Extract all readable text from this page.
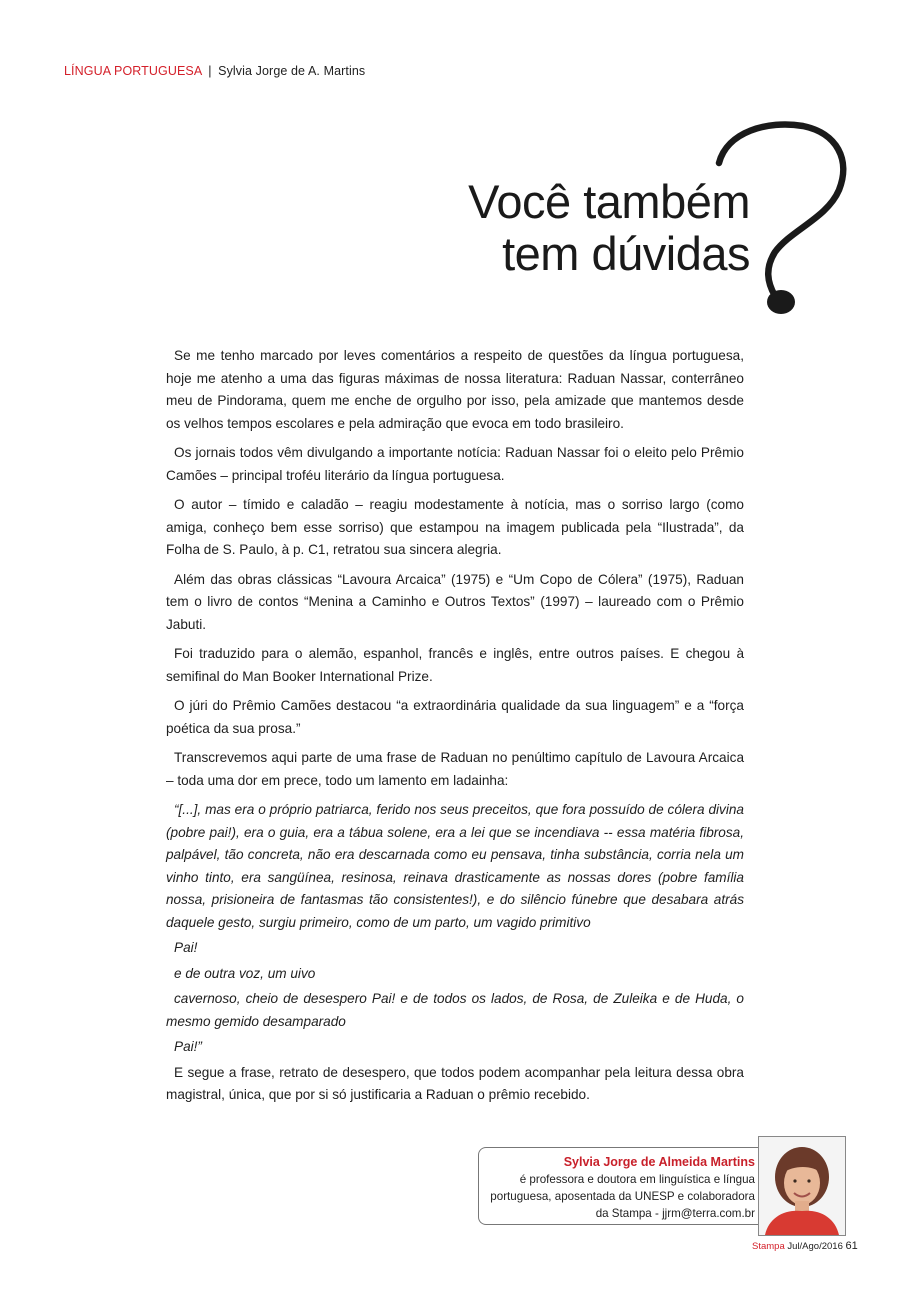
LÍNGUA PORTUGUESA | Sylvia Jorge de A. Martins
Você também
tem dúvidas

Se me tenho marcado por leves comentários a respeito de questões da língua portuguesa, hoje me atenho a uma das figuras máximas de nossa literatura: Raduan Nassar, conterrâneo meu de Pindorama, quem me enche de orgulho por isso, pela amizade que mantemos desde os velhos tempos escolares e pela admiração que evoca em todo brasileiro.

Os jornais todos vêm divulgando a importante notícia: Raduan Nassar foi o eleito pelo Prêmio Camões – principal troféu literário da língua portuguesa.

O autor – tímido e caladão – reagiu modestamente à notícia, mas o sorriso largo (como amiga, conheço bem esse sorriso) que estampou na imagem publicada pela “Ilustrada”, da Folha de S. Paulo, à p. C1, retratou sua sincera alegria.

Além das obras clássicas “Lavoura Arcaica” (1975) e “Um Copo de Cólera” (1975), Raduan tem o livro de contos “Menina a Caminho e Outros Textos” (1997) – laureado com o Prêmio Jabuti.

Foi traduzido para o alemão, espanhol, francês e inglês, entre outros países. E chegou à semifinal do Man Booker International Prize.

O júri do Prêmio Camões destacou “a extraordinária qualidade da sua linguagem” e a “força poética da sua prosa.”

Transcrevemos aqui parte de uma frase de Raduan no penúltimo capítulo de Lavoura Arcaica – toda uma dor em prece, todo um lamento em ladainha:

“[...], mas era o próprio patriarca, ferido nos seus preceitos, que fora possuído de cólera divina (pobre pai!), era o guia, era a tábua solene, era a lei que se incendiava -- essa matéria fibrosa, palpável, tão concreta, não era descarnada como eu pensava, tinha substância, corria nela um vinho tinto, era sangüínea, resinosa, reinava drasticamente as nossas dores (pobre família nossa, prisioneira de fantasmas tão consistentes!), e do silêncio fúnebre que desabara atrás daquele gesto, surgiu primeiro, como de um parto, um vagido primitivo

Pai!

e de outra voz, um uivo

cavernoso, cheio de desespero Pai! e de todos os lados, de Rosa, de Zuleika e de Huda, o mesmo gemido desamparado

Pai!”

E segue a frase, retrato de desespero, que todos podem acompanhar pela leitura dessa obra magistral, única, que por si só justificaria a Raduan o prêmio recebido.

Sylvia Jorge de Almeida Martins
é professora e doutora em linguística e língua
portuguesa, aposentada da UNESP e colaboradora
da Stampa - jjrm@terra.com.br
Stampa Jul/Ago/2016 61
